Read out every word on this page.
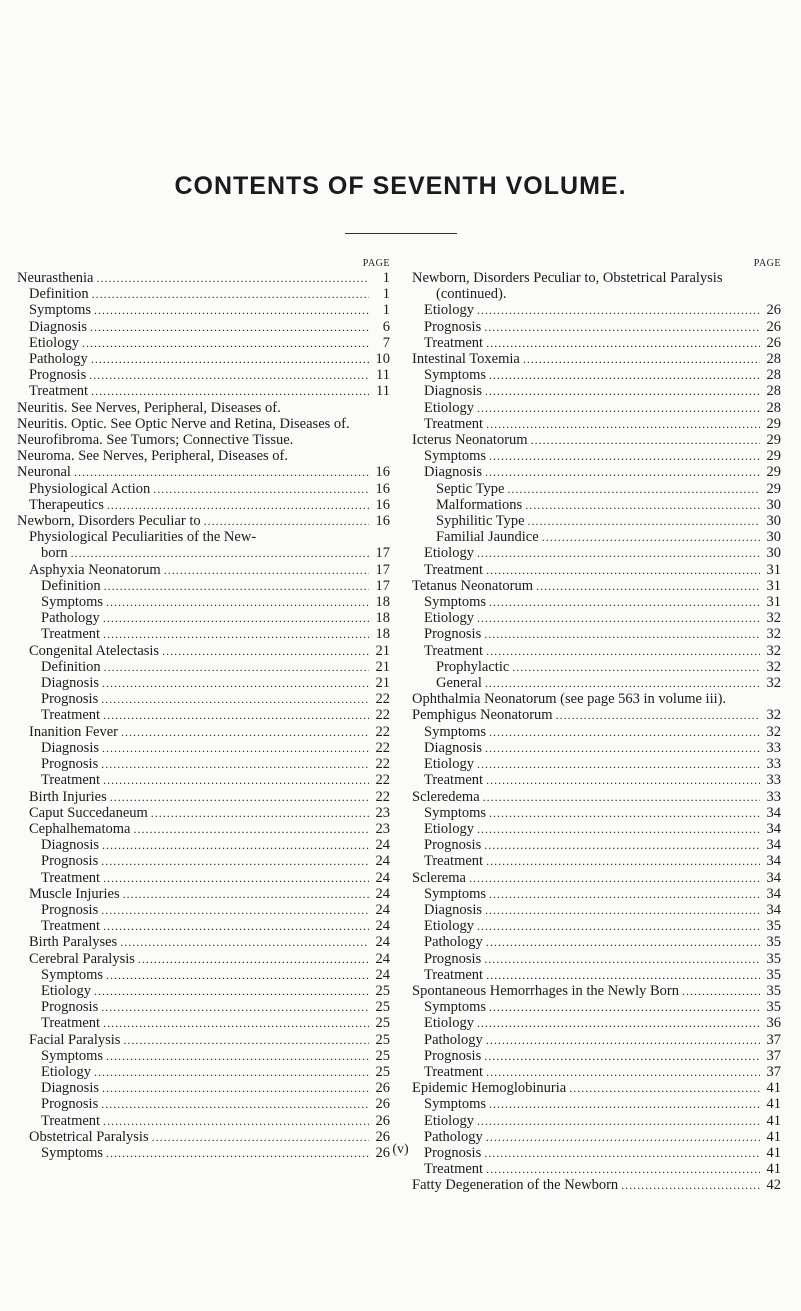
CONTENTS OF SEVENTH VOLUME.
PAGE
Neurasthenia .....	1
Definition .....	1
Symptoms .....	1
Diagnosis .....	6
Etiology .....	7
Pathology .....	10
Prognosis .....	11
Treatment .....	11
Neuritis. See Nerves, Peripheral, Diseases of.
Neuritis. Optic. See Optic Nerve and Retina, Diseases of.
Neurofibroma. See Tumors; Connective Tissue.
Neuroma. See Nerves, Peripheral, Diseases of.
Neuronal .....	16
Physiological Action .....	16
Therapeutics .....	16
Newborn, Disorders Peculiar to .....	16
Physiological Peculiarities of the New-
born .....	17
Asphyxia Neonatorum .....	17
Definition .....	17
Symptoms .....	18
Pathology .....	18
Treatment .....	18
Congenital Atelectasis .....	21
Definition .....	21
Diagnosis .....	21
Prognosis .....	22
Treatment .....	22
Inanition Fever .....	22
Diagnosis .....	22
Prognosis .....	22
Treatment .....	22
Birth Injuries .....	22
Caput Succedaneum .....	23
Cephalhematoma .....	23
Diagnosis .....	24
Prognosis .....	24
Treatment .....	24
Muscle Injuries .....	24
Prognosis .....	24
Treatment .....	24
Birth Paralyses .....	24
Cerebral Paralysis .....	24
Symptoms .....	24
Etiology .....	25
Prognosis .....	25
Treatment .....	25
Facial Paralysis .....	25
Symptoms .....	25
Etiology .....	25
Diagnosis .....	26
Prognosis .....	26
Treatment .....	26
Obstetrical Paralysis .....	26
Symptoms .....	26
PAGE
Newborn, Disorders Peculiar to, Obstetrical Paralysis (continued).
Etiology .....	26
Prognosis .....	26
Treatment .....	26
Intestinal Toxemia .....	28
Symptoms .....	28
Diagnosis .....	28
Etiology .....	28
Treatment .....	29
Icterus Neonatorum .....	29
Symptoms .....	29
Diagnosis .....	29
Septic Type .....	29
Malformations .....	30
Syphilitic Type .....	30
Familial Jaundice .....	30
Etiology .....	30
Treatment .....	31
Tetanus Neonatorum .....	31
Symptoms .....	31
Etiology .....	32
Prognosis .....	32
Treatment .....	32
Prophylactic .....	32
General .....	32
Ophthalmia Neonatorum (see page 563 in volume iii).
Pemphigus Neonatorum .....	32
Symptoms .....	32
Diagnosis .....	33
Etiology .....	33
Treatment .....	33
Scleredema .....	33
Symptoms .....	34
Etiology .....	34
Prognosis .....	34
Treatment .....	34
Sclerema .....	34
Symptoms .....	34
Diagnosis .....	34
Etiology .....	35
Pathology .....	35
Prognosis .....	35
Treatment .....	35
Spontaneous Hemorrhages in the Newly Born .....	35
Symptoms .....	35
Etiology .....	36
Pathology .....	37
Prognosis .....	37
Treatment .....	37
Epidemic Hemoglobinuria .....	41
Symptoms .....	41
Etiology .....	41
Pathology .....	41
Prognosis .....	41
Treatment .....	41
Fatty Degeneration of the Newborn .....	42
(v)
